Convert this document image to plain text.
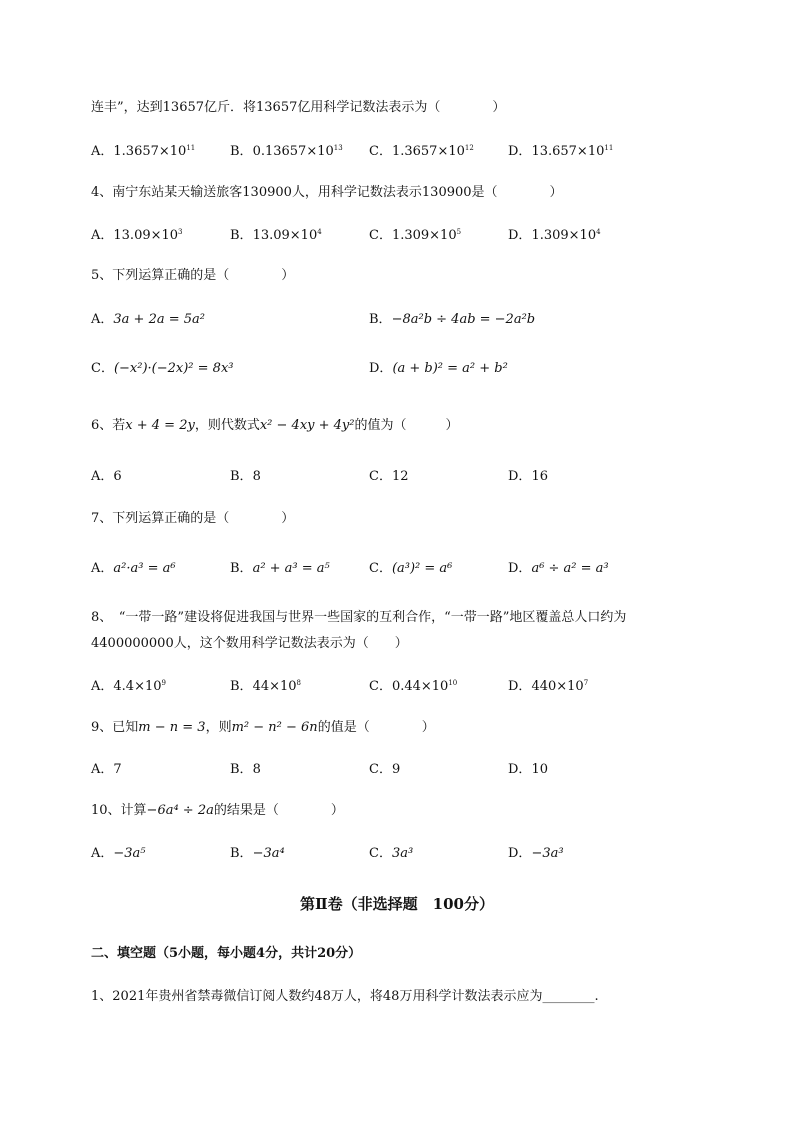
连丰”，达到13657亿斤．将13657亿用科学记数法表示为（　　　　）
A．$1.3657\times 10^{11}$	B．$0.13657\times 10^{13}$ C．$1.3657\times 10^{12}$	D．$13.657\times 10^{11}$
4、南宁东站某天输送旅客130900人，用科学记数法表示130900是（　　　　）
A．$13.09\times 10^3$	B．$13.09\times 10^4$	C．$1.309\times 10^5$	D．$1.309\times 10^4$
5、下列运算正确的是（　　　　）
A．3a + 2a = 5a²	B．−8a²b ÷ 4ab = −2a²b
C．(−x²)·(−2x)² = 8x³	D．(a + b)² = a² + b²
6、若x + 4 = 2y，则代数式x² − 4xy + 4y²的值为（　　　）
A．6	B．8	C．12	D．16
7、下列运算正确的是（　　　　）
A．a²·a³ = a⁶	B．a² + a³ = a⁵	C．(a³)² = a⁶	D．a⁶ ÷ a² = a³
8、　“一带一路”建设将促进我国与世界一些国家的互利合作，“一带一路”地区覆盖总人口约为
4400000000人，这个数用科学记数法表示为（　　）
A．$4.4\times 10^9$	B．$44\times 10^8$	C．$0.44\times 10^{10}$	D．$440\times 10^7$
9、已知m − n = 3，则m² − n² − 6n的值是（　　　　）
A．7	B．8	C．9	D．10
10、计算−6a⁴ ÷ 2a的结果是（　　　　）
A．−3a⁵	B．−3a⁴	C．3a³	D．−3a³
第Ⅱ卷（非选择题　100分）
二、填空题（5小题，每小题4分，共计20分）
1、2021年贵州省禁毒微信订阅人数约48万人，将48万用科学计数法表示应为________.
